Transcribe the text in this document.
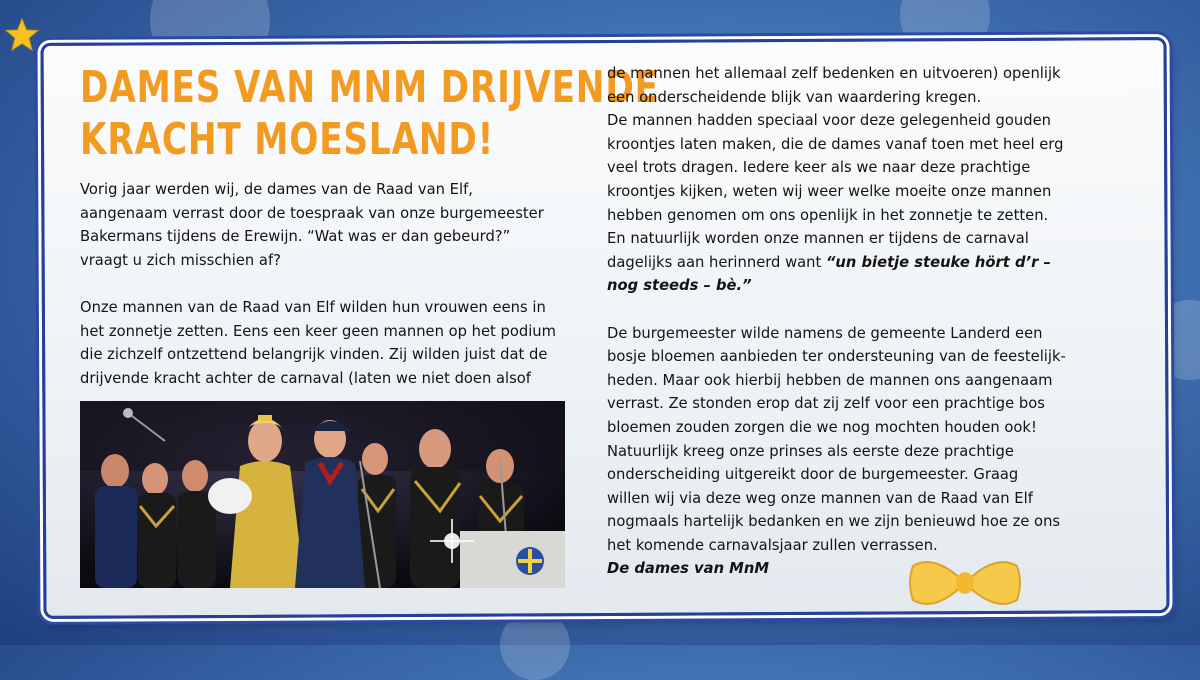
DAMES VAN MNM DRIJVENDE
KRACHT MOESLAND!

Vorig jaar werden wij, de dames van de Raad van Elf,

aangenaam verrast door de toespraak van onze burgemeester

Bakermans tijdens de Erewijn. “Wat was er dan gebeurd?”

vraagt u zich misschien af?

Onze mannen van de Raad van Elf wilden hun vrouwen eens in

het zonnetje zetten. Eens een keer geen mannen op het podium

die zichzelf ontzettend belangrijk vinden. Zij wilden juist dat de

drijvende kracht achter de carnaval (laten we niet doen alsof

de mannen het allemaal zelf bedenken en uitvoeren) openlijk

een onderscheidende blijk van waardering kregen.

De mannen hadden speciaal voor deze gelegenheid gouden

kroontjes laten maken, die de dames vanaf toen met heel erg

veel trots dragen. Iedere keer als we naar deze prachtige

kroontjes kijken, weten wij weer welke moeite onze mannen

hebben genomen om ons openlijk in het zonnetje te zetten.

En natuurlijk worden onze mannen er tijdens de carnaval

dagelijks aan herinnerd want “un bietje steuke hört d’r –

nog steeds – bè.”

De burgemeester wilde namens de gemeente Landerd een

bosje bloemen aanbieden ter ondersteuning van de feestelijk-

heden. Maar ook hierbij hebben de mannen ons aangenaam

verrast. Ze stonden erop dat zij zelf voor een prachtige bos

bloemen zouden zorgen die we nog mochten houden ook!

Natuurlijk kreeg onze prinses als eerste deze prachtige

onderscheiding uitgereikt door de burgemeester. Graag

willen wij via deze weg onze mannen van de Raad van Elf

nogmaals hartelijk bedanken en we zijn benieuwd hoe ze ons

het komende carnavalsjaar zullen verrassen.

De dames van MnM
